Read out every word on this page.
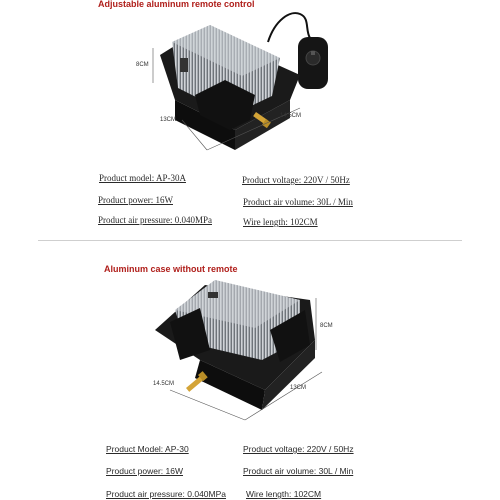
Adjustable aluminum remote control
8CM
13CM
14.5CM
8CM
14.5CM
13CM
Product model: AP-30A	Product voltage: 220V / 50Hz
Product power: 16W	Product air volume: 30L / Min
Product air pressure: 0.040MPa	Wire length: 102CM
Aluminum case without remote
Product Model: AP-30	Product voltage: 220V / 50Hz
Product power: 16W	Product air volume: 30L / Min
Product air pressure: 0.040MPa Wire length: 102CM
